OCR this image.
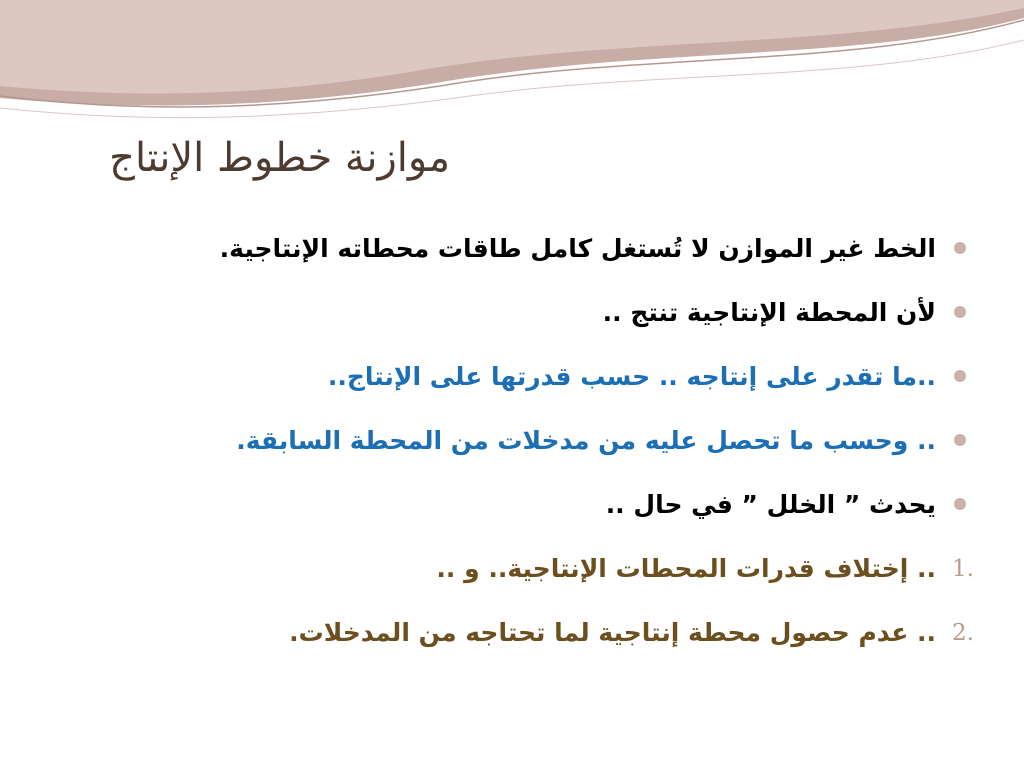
موازنة خطوط الإنتاج
الخط غير الموازن لا تُستغل كامل طاقات محطاته الإنتاجية.
لأن المحطة الإنتاجية تنتج ..
..ما تقدر على إنتاجه .. حسب قدرتها على الإنتاج..
.. وحسب ما تحصل عليه من مدخلات من المحطة السابقة.
يحدث ” الخلل ” في حال ..
1.
.. إختلاف قدرات المحطات الإنتاجية.. و ..
2.
.. عدم حصول محطة إنتاجية لما تحتاجه من المدخلات.
